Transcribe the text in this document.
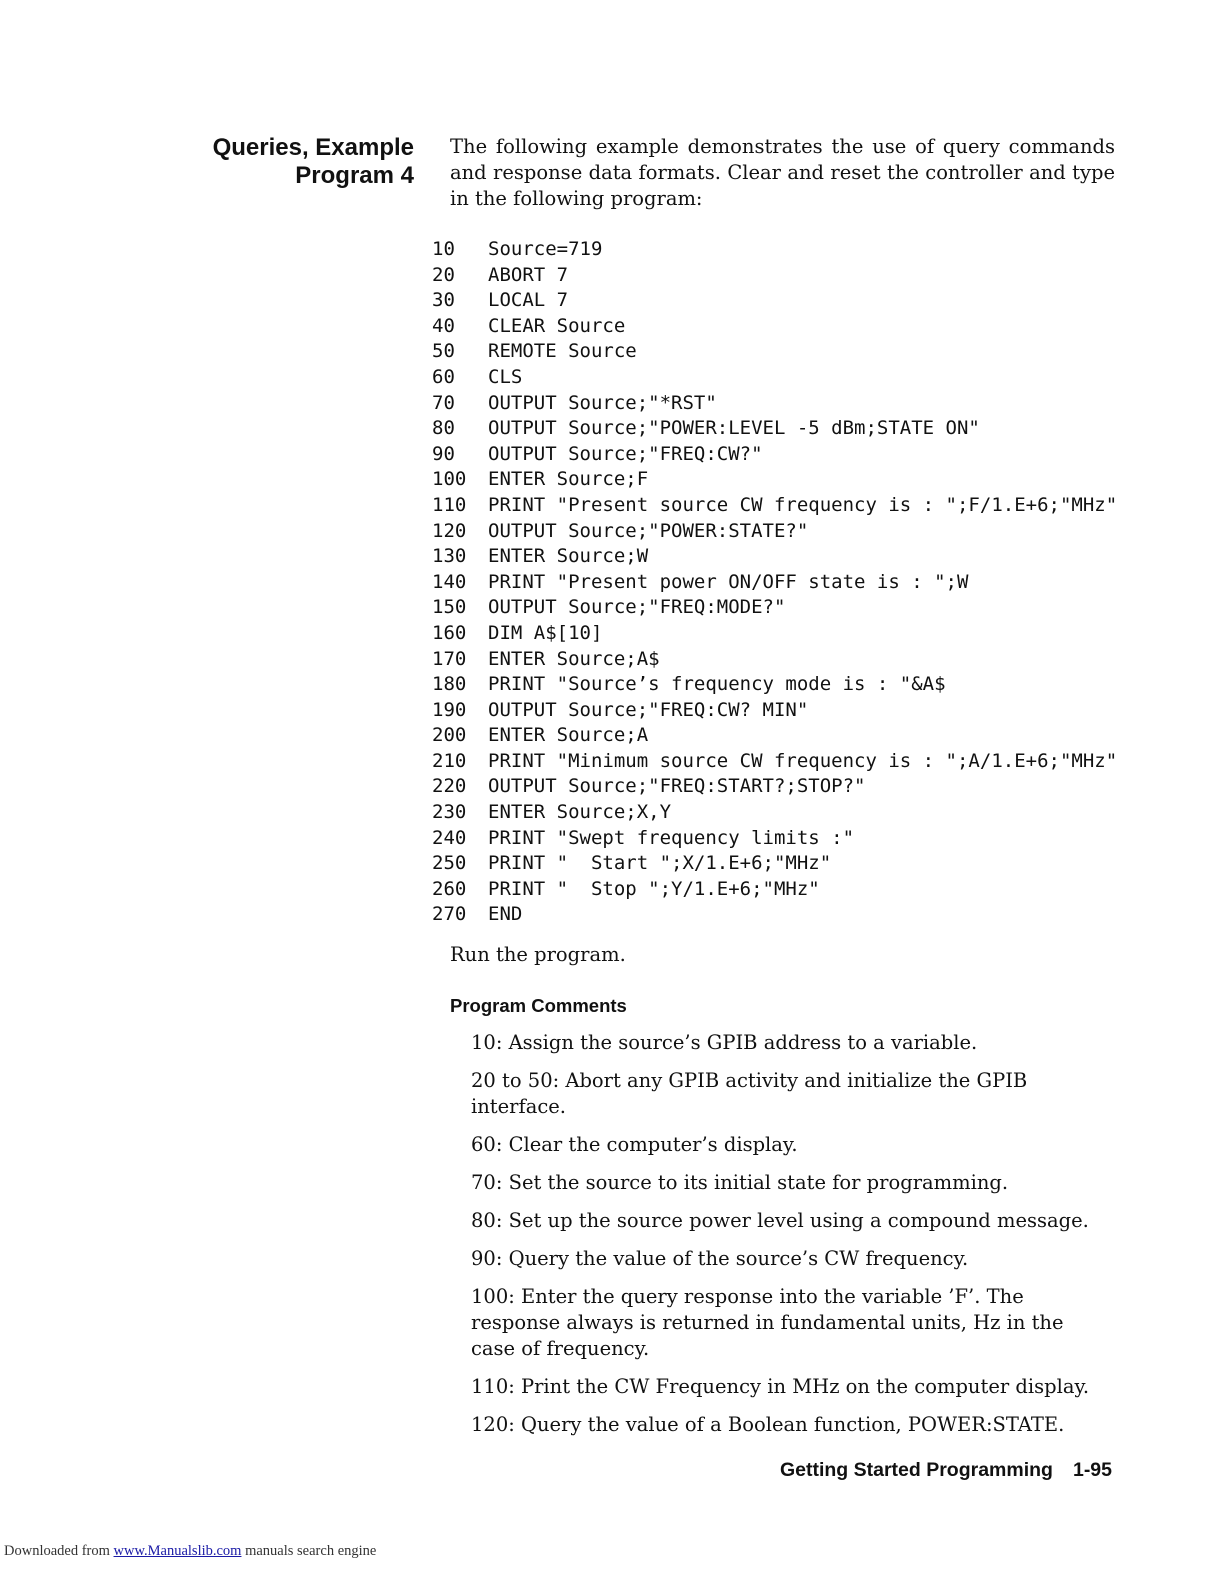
Queries, Example
Program 4
The following example demonstrates the use of query commands and response data formats. Clear and reset the controller and type in the following program:
10 Source=719
20 ABORT 7
30 LOCAL 7
40 CLEAR Source
50 REMOTE Source
60 CLS
70 OUTPUT Source;"*RST"
80 OUTPUT Source;"POWER:LEVEL -5 dBm;STATE ON"
90 OUTPUT Source;"FREQ:CW?"
100 ENTER Source;F
110 PRINT "Present source CW frequency is : ";F/1.E+6;"MHz"
120 OUTPUT Source;"POWER:STATE?"
130 ENTER Source;W
140 PRINT "Present power ON/OFF state is : ";W
150 OUTPUT Source;"FREQ:MODE?"
160 DIM A$[10]
170 ENTER Source;A$
180 PRINT "Source’s frequency mode is : "&A$
190 OUTPUT Source;"FREQ:CW? MIN"
200 ENTER Source;A
210 PRINT "Minimum source CW frequency is : ";A/1.E+6;"MHz"
220 OUTPUT Source;"FREQ:START?;STOP?"
230 ENTER Source;X,Y
240 PRINT "Swept frequency limits :"
250 PRINT "  Start ";X/1.E+6;"MHz"
260 PRINT "  Stop ";Y/1.E+6;"MHz"
270 END
Run the program.
Program Comments

10: Assign the source’s GPIB address to a variable.

20 to 50: Abort any GPIB activity and initialize the GPIB interface.

60: Clear the computer’s display.

70: Set the source to its initial state for programming.

80: Set up the source power level using a compound message.

90: Query the value of the source’s CW frequency.

100: Enter the query response into the variable ’F’. The response always is returned in fundamental units, Hz in the case of frequency.

110: Print the CW Frequency in MHz on the computer display.

120: Query the value of a Boolean function, POWER:STATE.

Getting Started Programming 1-95
Downloaded from www.Manualslib.com manuals search engine
